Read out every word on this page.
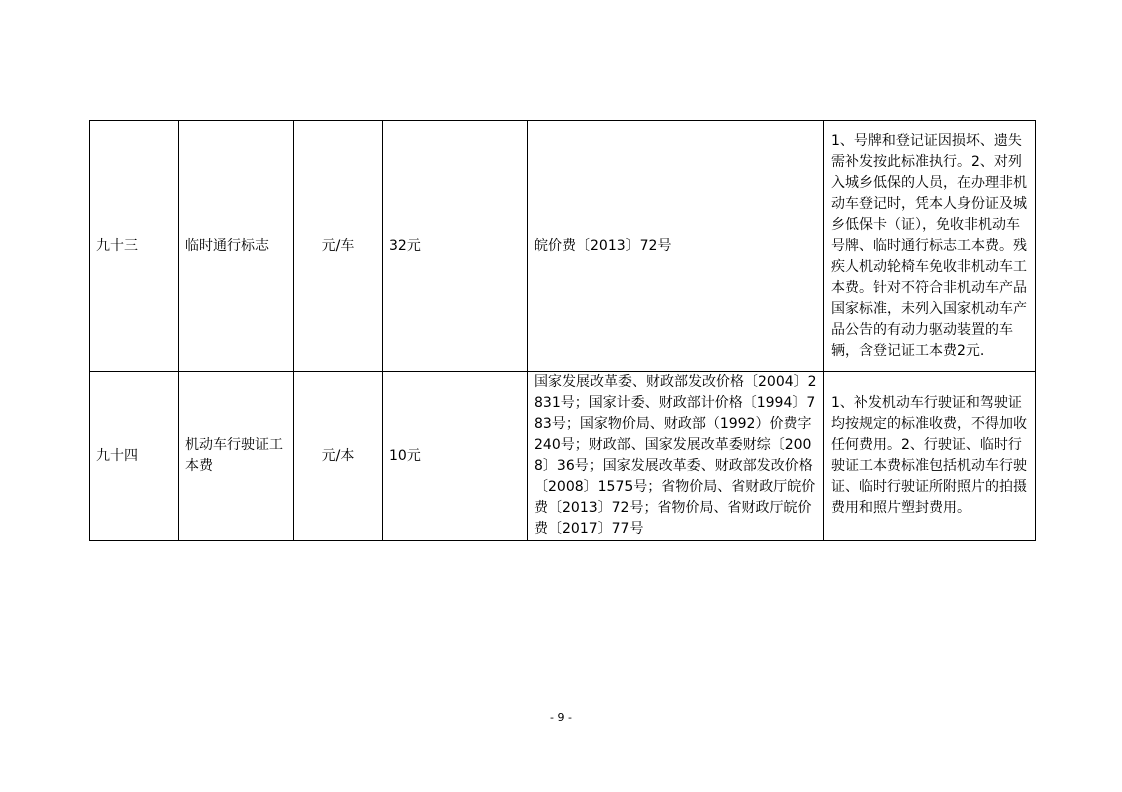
九十三	临时通行标志	元/车	32元	皖价费〔2013〕72号	1、号牌和登记证因损坏、遗失需补发按此标准执行。2、对列入城乡低保的人员，在办理非机动车登记时，凭本人身份证及城乡低保卡（证），免收非机动车号牌、临时通行标志工本费。残疾人机动轮椅车免收非机动车工本费。针对不符合非机动车产品国家标准，未列入国家机动车产品公告的有动力驱动装置的车辆，含登记证工本费2元.
九十四	机动车行驶证工本费	元/本	10元	国家发展改革委、财政部发改价格〔2004〕2831号；国家计委、财政部计价格〔1994〕783号；国家物价局、财政部（1992）价费字240号；财政部、国家发展改革委财综〔2008〕36号；国家发展改革委、财政部发改价格〔2008〕1575号；省物价局、省财政厅皖价费〔2013〕72号；省物价局、省财政厅皖价费〔2017〕77号	1、补发机动车行驶证和驾驶证均按规定的标准收费，不得加收任何费用。2、行驶证、临时行驶证工本费标准包括机动车行驶证、临时行驶证所附照片的拍摄费用和照片塑封费用。
- 9 -
